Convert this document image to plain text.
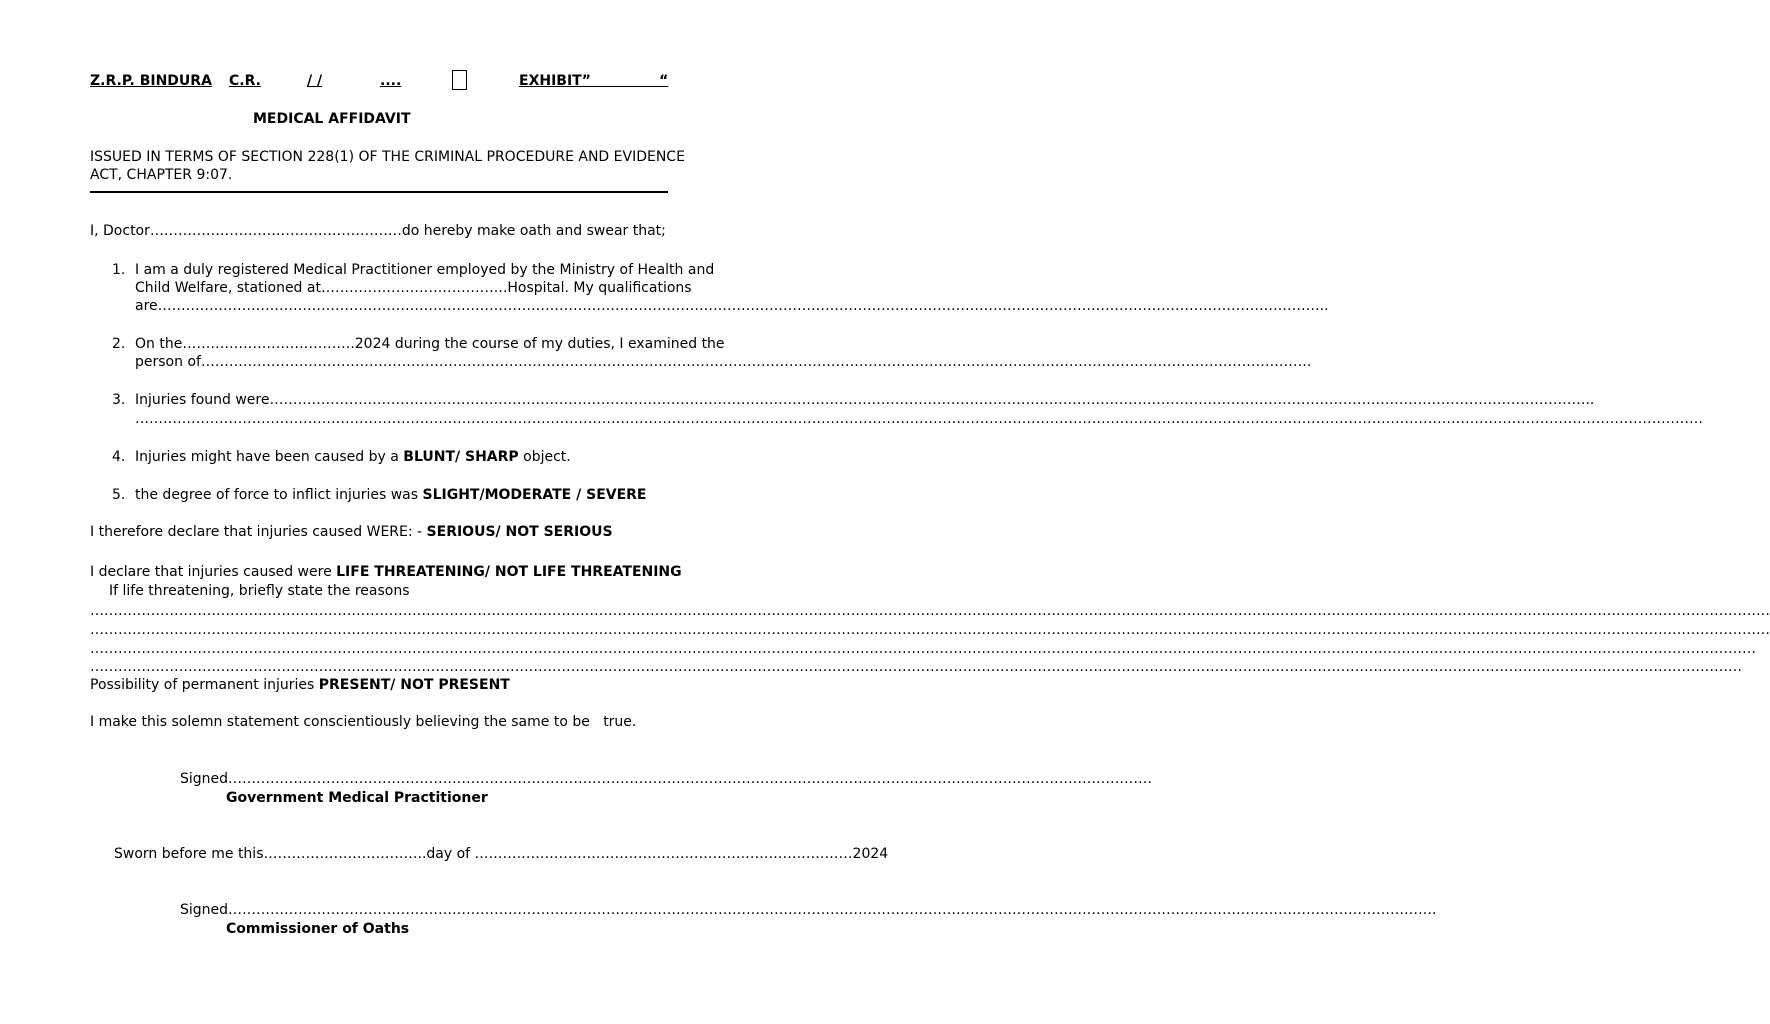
Z.R.P. BINDURA C.R.	/ /	....	EXHIBIT”              “
MEDICAL AFFIDAVIT
ISSUED IN TERMS OF SECTION 228(1) OF THE CRIMINAL PROCEDURE AND EVIDENCE
ACT, CHAPTER 9:07.
I, Doctor………………………………………………do hereby make oath and swear that;
1. I am a duly registered Medical Practitioner employed by the Ministry of Health and
Child Welfare, stationed at………………………………….Hospital. My qualifications
are……………………………………………………………………………………………………………………………………………………………………………………………………………………………..
2. On the……………………………….2024 during the course of my duties, I examined the
person of………………………………………………………………………………………………………………………………………………………………………………………………………………….
3. Injuries found were…………………………………………………………………………………………………………………………………………………………………………………………………………………………………………………………..
…………………………………………………………………………………………………………………………………………………………………………………………………………………………………………………………………………………………………………
4. Injuries might have been caused by a BLUNT/ SHARP object.
5. the degree of force to inflict injuries was SLIGHT/MODERATE / SEVERE
I therefore declare that injuries caused WERE: - SERIOUS/ NOT SERIOUS
I declare that injuries caused were LIFE THREATENING/ NOT LIFE THREATENING
If life threatening, briefly state the reasons
………………………………………………………………………………………………………………………………………………………………………………………………………………………………………………………………………………………………………………………………
………………………………………………………………………………………………………………………………………………………………………………………………………………………………………………………………………………………………………………………………
……………………………………………………………………………………………………………………………………………………………………………………………………………………………………………………………………………………………………………………………
…………………………………………………………………………………………………………………………………………………………………………………………………………………………………………………………………………………………………………………………
Possibility of permanent injuries PRESENT/ NOT PRESENT
I make this solemn statement conscientiously believing the same to be   true.
Signed………………………………………………………………………………………………………………………………………………………………………………
Government Medical Practitioner
Sworn before me this……………………………..day of ………………………………………………………………………2024
Signed…………………………………………………………………………………………………………………………………………………………………………………………………………………………………….
Commissioner of Oaths
